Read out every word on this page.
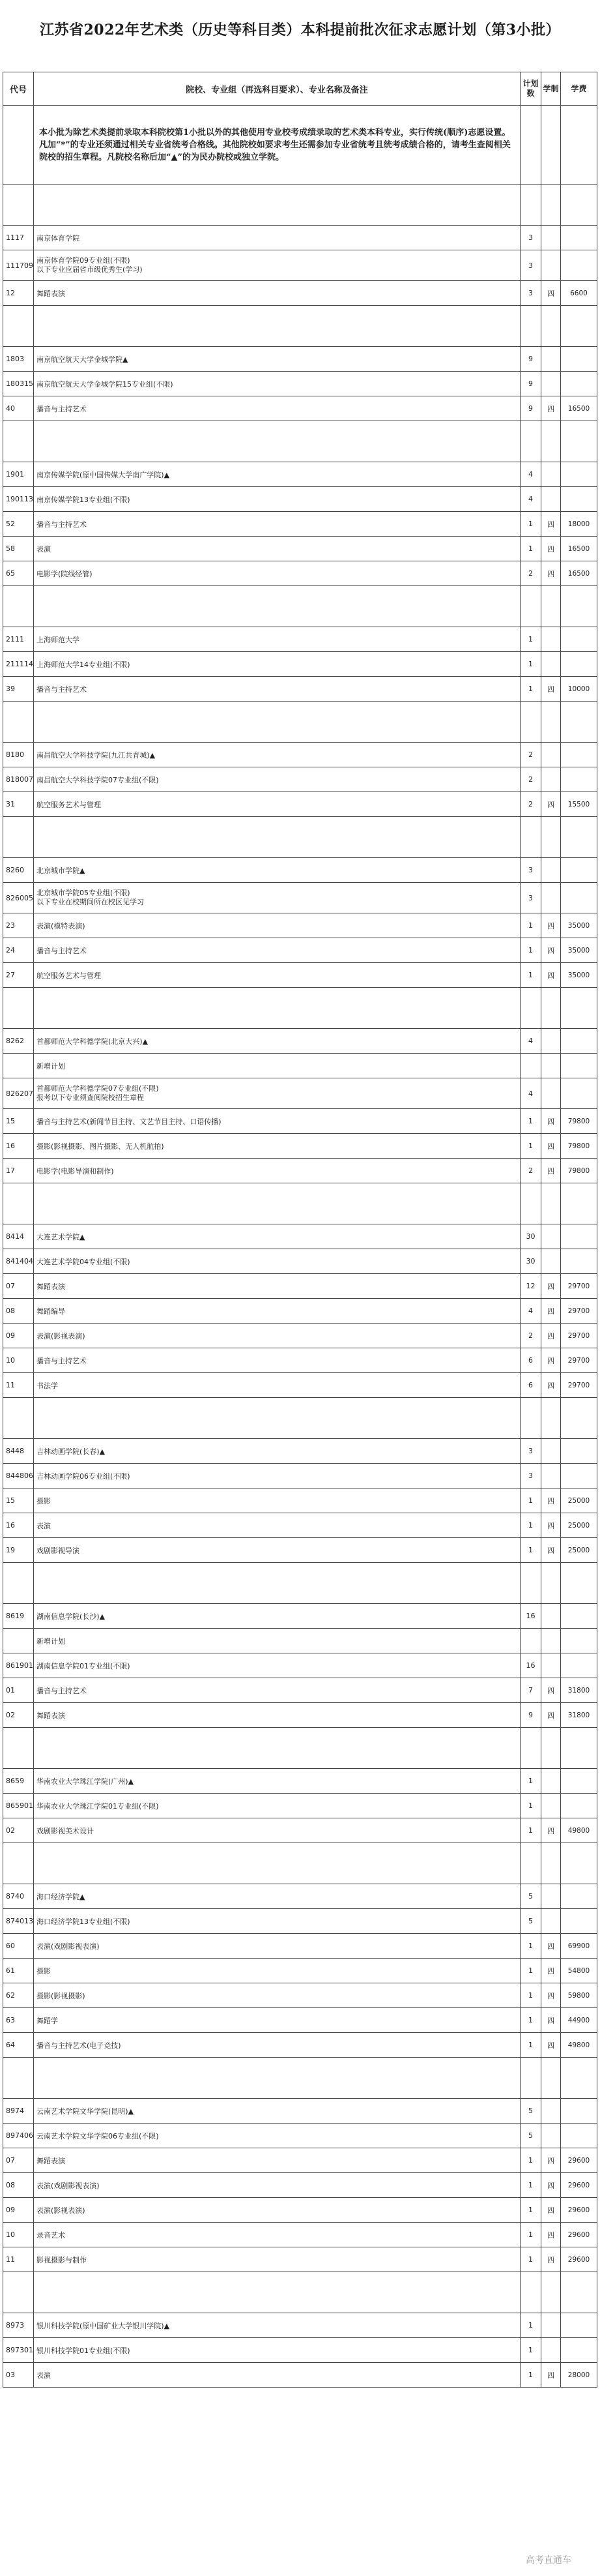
江苏省2022年艺术类（历史等科目类）本科提前批次征求志愿计划（第3小批）
代号	院校、专业组（再选科目要求）、专业名称及备注	计划数	学制	学费
	本小批为除艺术类提前录取本科院校第1小批以外的其他使用专业校考成绩录取的艺术类本科专业，实行传统(顺序)志愿设置。凡加“*”的专业还须通过相关专业省统考合格线。其他院校如要求考生还需参加专业省统考且统考成绩合格的，请考生查阅相关院校的招生章程。凡院校名称后加“▲”的为民办院校或独立学院。			

1117	南京体育学院	3		
111709	南京体育学院09专业组(不限)
以下专业应届省市级优秀生(学习)	3		
12	舞蹈表演	3	四	6600

1803	南京航空航天大学金城学院▲	9		
180315	南京航空航天大学金城学院15专业组(不限)	9		
40	播音与主持艺术	9	四	16500

1901	南京传媒学院(原中国传媒大学南广学院)▲	4		
190113	南京传媒学院13专业组(不限)	4		
52	播音与主持艺术	1	四	18000
58	表演	1	四	16500
65	电影学(院线经管)	2	四	16500

2111	上海师范大学	1		
211114	上海师范大学14专业组(不限)	1		
39	播音与主持艺术	1	四	10000

8180	南昌航空大学科技学院(九江共青城)▲	2		
818007	南昌航空大学科技学院07专业组(不限)	2		
31	航空服务艺术与管理	2	四	15500

8260	北京城市学院▲	3		
826005	北京城市学院05专业组(不限)
以下专业在校期间所在校区见学习	3		
23	表演(模特表演)	1	四	35000
24	播音与主持艺术	1	四	35000
27	航空服务艺术与管理	1	四	35000

8262	首都师范大学科德学院(北京大兴)▲	4		
	新增计划			
826207	首都师范大学科德学院07专业组(不限)
报考以下专业须查阅院校招生章程	4		
15	播音与主持艺术(新闻节目主持、文艺节目主持、口语传播)	1	四	79800
16	摄影(影视摄影、图片摄影、无人机航拍)	1	四	79800
17	电影学(电影导演和制作)	2	四	79800

8414	大连艺术学院▲	30		
841404	大连艺术学院04专业组(不限)	30		
07	舞蹈表演	12	四	29700
08	舞蹈编导	4	四	29700
09	表演(影视表演)	2	四	29700
10	播音与主持艺术	6	四	29700
11	书法学	6	四	29700

8448	吉林动画学院(长春)▲	3		
844806	吉林动画学院06专业组(不限)	3		
15	摄影	1	四	25000
16	表演	1	四	25000
19	戏剧影视导演	1	四	25000

8619	湖南信息学院(长沙)▲	16		
	新增计划			
861901	湖南信息学院01专业组(不限)	16		
01	播音与主持艺术	7	四	31800
02	舞蹈表演	9	四	31800

8659	华南农业大学珠江学院(广州)▲	1		
865901	华南农业大学珠江学院01专业组(不限)	1		
02	戏剧影视美术设计	1	四	49800

8740	海口经济学院▲	5		
874013	海口经济学院13专业组(不限)	5		
60	表演(戏剧影视表演)	1	四	69900
61	摄影	1	四	54800
62	摄影(影视摄影)	1	四	59800
63	舞蹈学	1	四	44900
64	播音与主持艺术(电子竞技)	1	四	49800

8974	云南艺术学院文华学院(昆明)▲	5		
897406	云南艺术学院文华学院06专业组(不限)	5		
07	舞蹈表演	1	四	29600
08	表演(戏剧影视表演)	1	四	29600
09	表演(影视表演)	1	四	29600
10	录音艺术	1	四	29600
11	影视摄影与制作	1	四	29600

8973	银川科技学院(原中国矿业大学银川学院)▲	1		
897301	银川科技学院01专业组(不限)	1		
03	表演	1	四	28000
高考直通车
